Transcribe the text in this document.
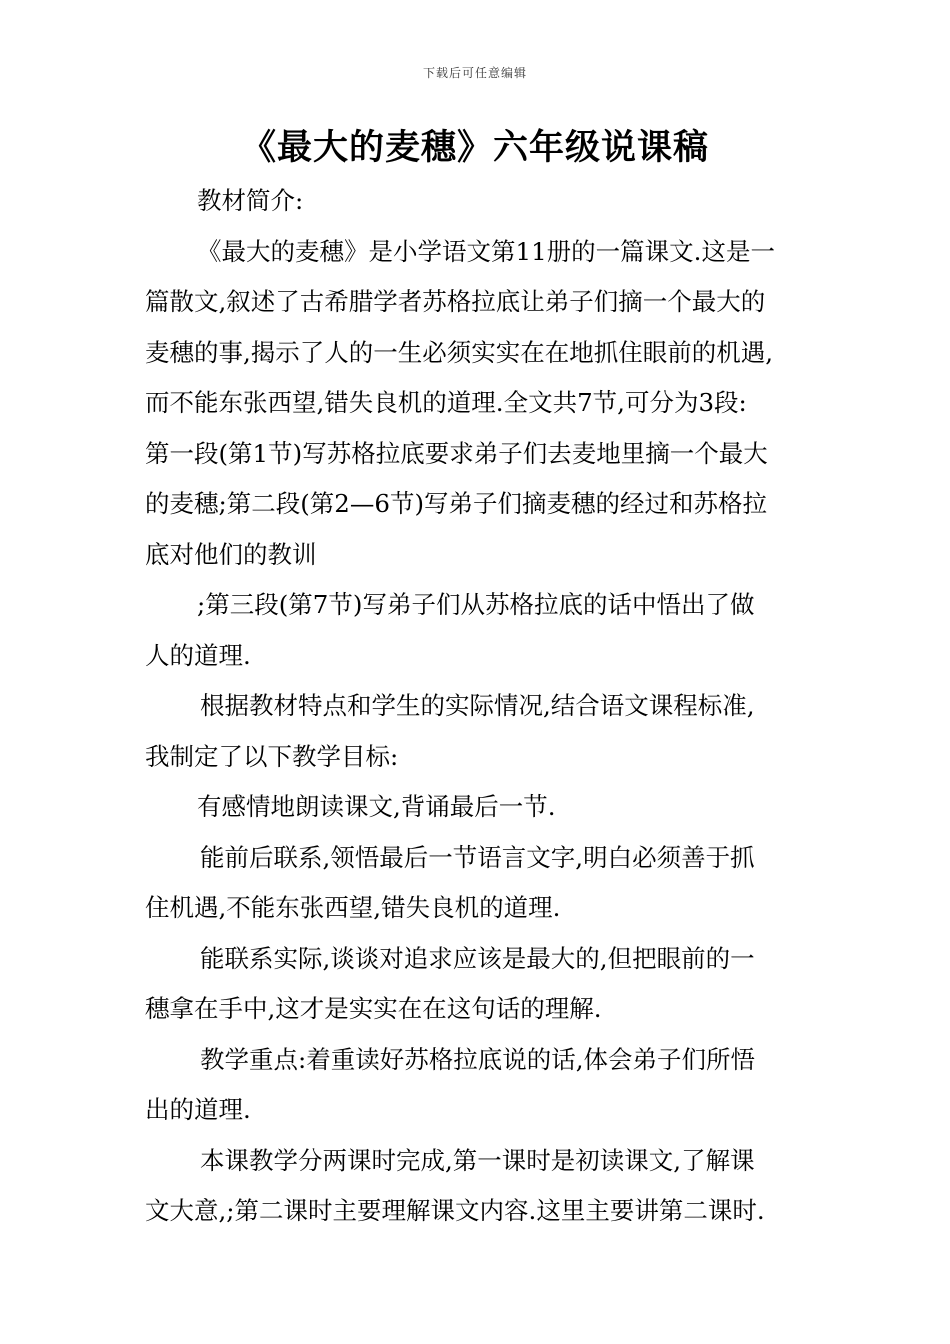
下载后可任意编辑
《最大的麦穗》六年级说课稿
教材简介:
《最大的麦穗》是小学语文第11册的一篇课文.这是一
篇散文,叙述了古希腊学者苏格拉底让弟子们摘一个最大的
麦穗的事,揭示了人的一生必须实实在在地抓住眼前的机遇,
而不能东张西望,错失良机的道理.全文共7节,可分为3段:
第一段(第1节)写苏格拉底要求弟子们去麦地里摘一个最大
的麦穗;第二段(第2—6节)写弟子们摘麦穗的经过和苏格拉
底对他们的教训
;第三段(第7节)写弟子们从苏格拉底的话中悟出了做
人的道理.
根据教材特点和学生的实际情况,结合语文课程标准,
我制定了以下教学目标:
有感情地朗读课文,背诵最后一节.
能前后联系,领悟最后一节语言文字,明白必须善于抓
住机遇,不能东张西望,错失良机的道理.
能联系实际,谈谈对追求应该是最大的,但把眼前的一
穗拿在手中,这才是实实在在这句话的理解.
教学重点:着重读好苏格拉底说的话,体会弟子们所悟
出的道理.
本课教学分两课时完成,第一课时是初读课文,了解课
文大意,;第二课时主要理解课文内容.这里主要讲第二课时.
